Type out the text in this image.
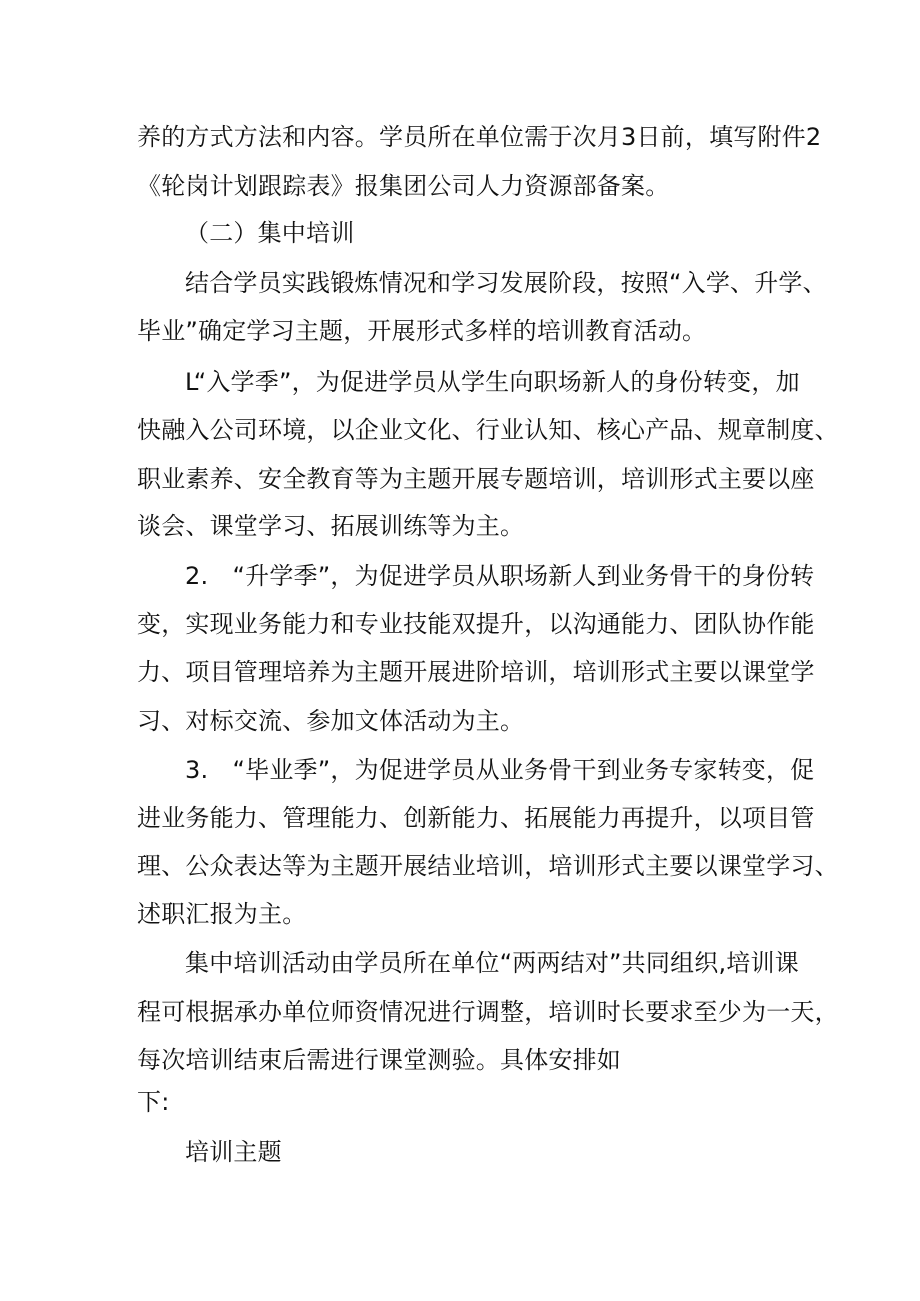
养的方式方法和内容。学员所在单位需于次月3日前，填写附件2
《轮岗计划跟踪表》报集团公司人力资源部备案。
（二）集中培训
结合学员实践锻炼情况和学习发展阶段，按照“入学、升学、
毕业”确定学习主题，开展形式多样的培训教育活动。
L“入学季”，为促进学员从学生向职场新人的身份转变，加
快融入公司环境，以企业文化、行业认知、核心产品、规章制度、
职业素养、安全教育等为主题开展专题培训，培训形式主要以座
谈会、课堂学习、拓展训练等为主。
2.　“升学季”，为促进学员从职场新人到业务骨干的身份转
变，实现业务能力和专业技能双提升，以沟通能力、团队协作能
力、项目管理培养为主题开展进阶培训，培训形式主要以课堂学
习、对标交流、参加文体活动为主。
3.　“毕业季”，为促进学员从业务骨干到业务专家转变，促
进业务能力、管理能力、创新能力、拓展能力再提升，以项目管
理、公众表达等为主题开展结业培训，培训形式主要以课堂学习、
述职汇报为主。
集中培训活动由学员所在单位“两两结对”共同组织,培训课
程可根据承办单位师资情况进行调整，培训时长要求至少为一天，
每次培训结束后需进行课堂测验。具体安排如
下:
培训主题
